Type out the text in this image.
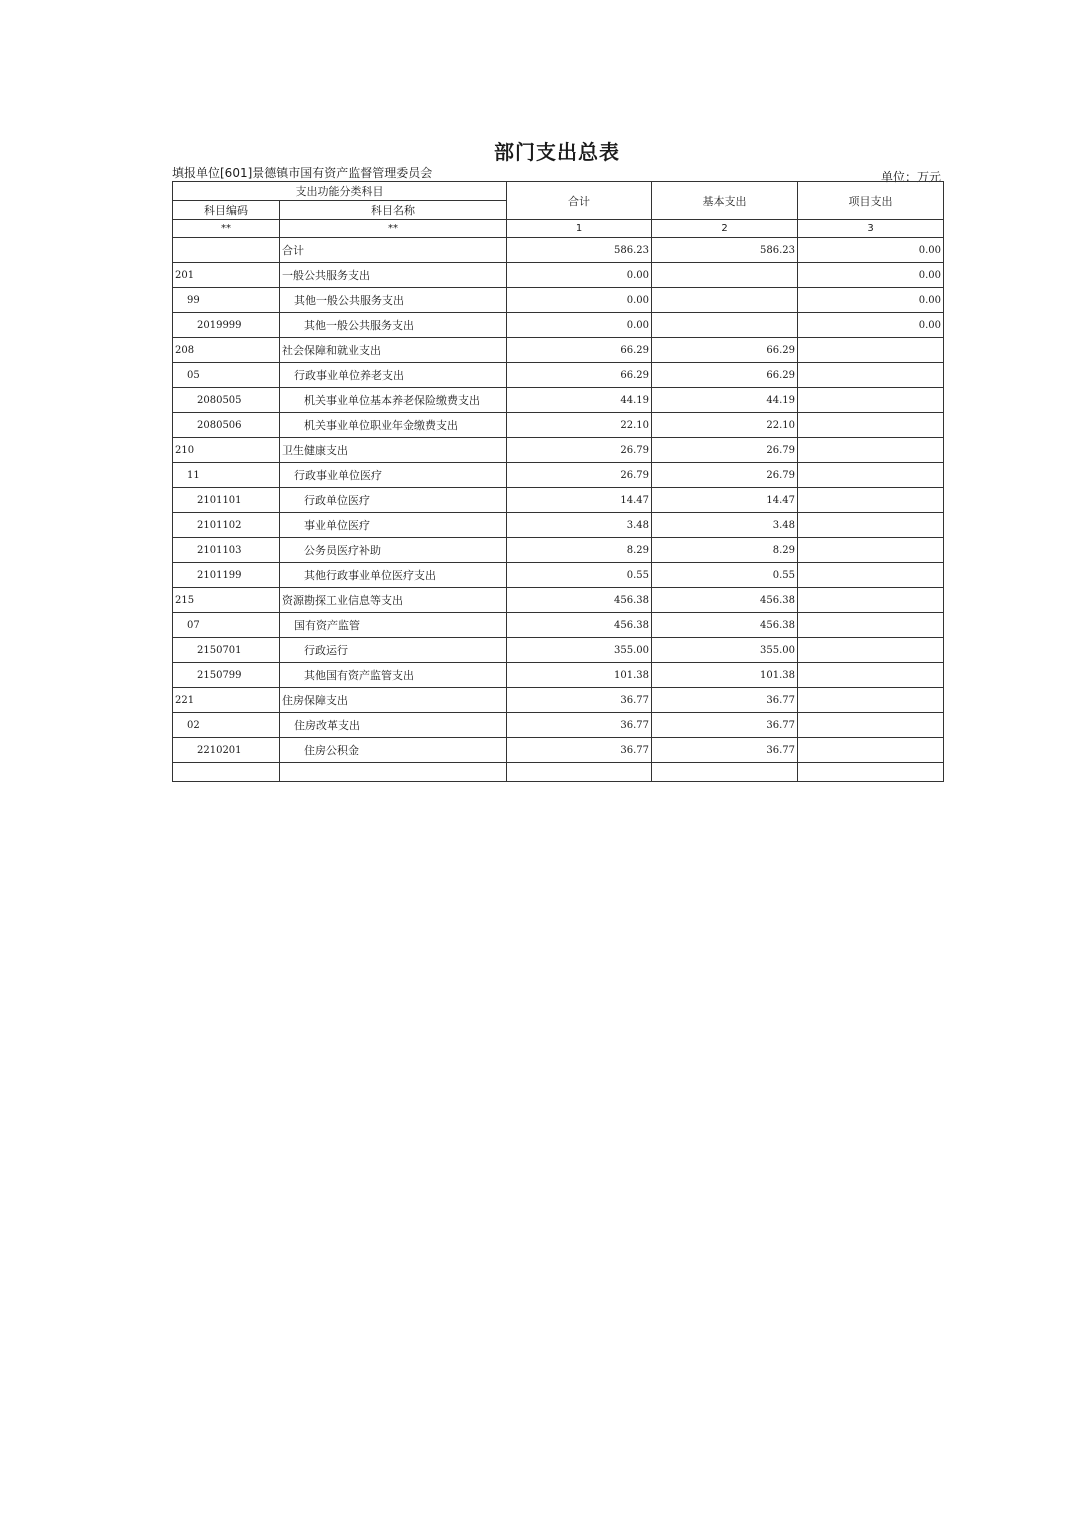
部门支出总表
填报单位[601]景德镇市国有资产监督管理委员会	单位：万元
支出功能分类科目		合计	基本支出	项目支出
科目编码	科目名称			
**	**	1	2	3
	合计	586.23	586.23	0.00
201	一般公共服务支出	0.00		0.00
99	其他一般公共服务支出	0.00		0.00
2019999	其他一般公共服务支出	0.00		0.00
208	社会保障和就业支出	66.29	66.29	
05	行政事业单位养老支出	66.29	66.29	
2080505	机关事业单位基本养老保险缴费支出	44.19	44.19	
2080506	机关事业单位职业年金缴费支出	22.10	22.10	
210	卫生健康支出	26.79	26.79	
11	行政事业单位医疗	26.79	26.79	
2101101	行政单位医疗	14.47	14.47	
2101102	事业单位医疗	3.48	3.48	
2101103	公务员医疗补助	8.29	8.29	
2101199	其他行政事业单位医疗支出	0.55	0.55	
215	资源勘探工业信息等支出	456.38	456.38	
07	国有资产监管	456.38	456.38	
2150701	行政运行	355.00	355.00	
2150799	其他国有资产监管支出	101.38	101.38	
221	住房保障支出	36.77	36.77	
02	住房改革支出	36.77	36.77	
2210201	住房公积金	36.77	36.77	
